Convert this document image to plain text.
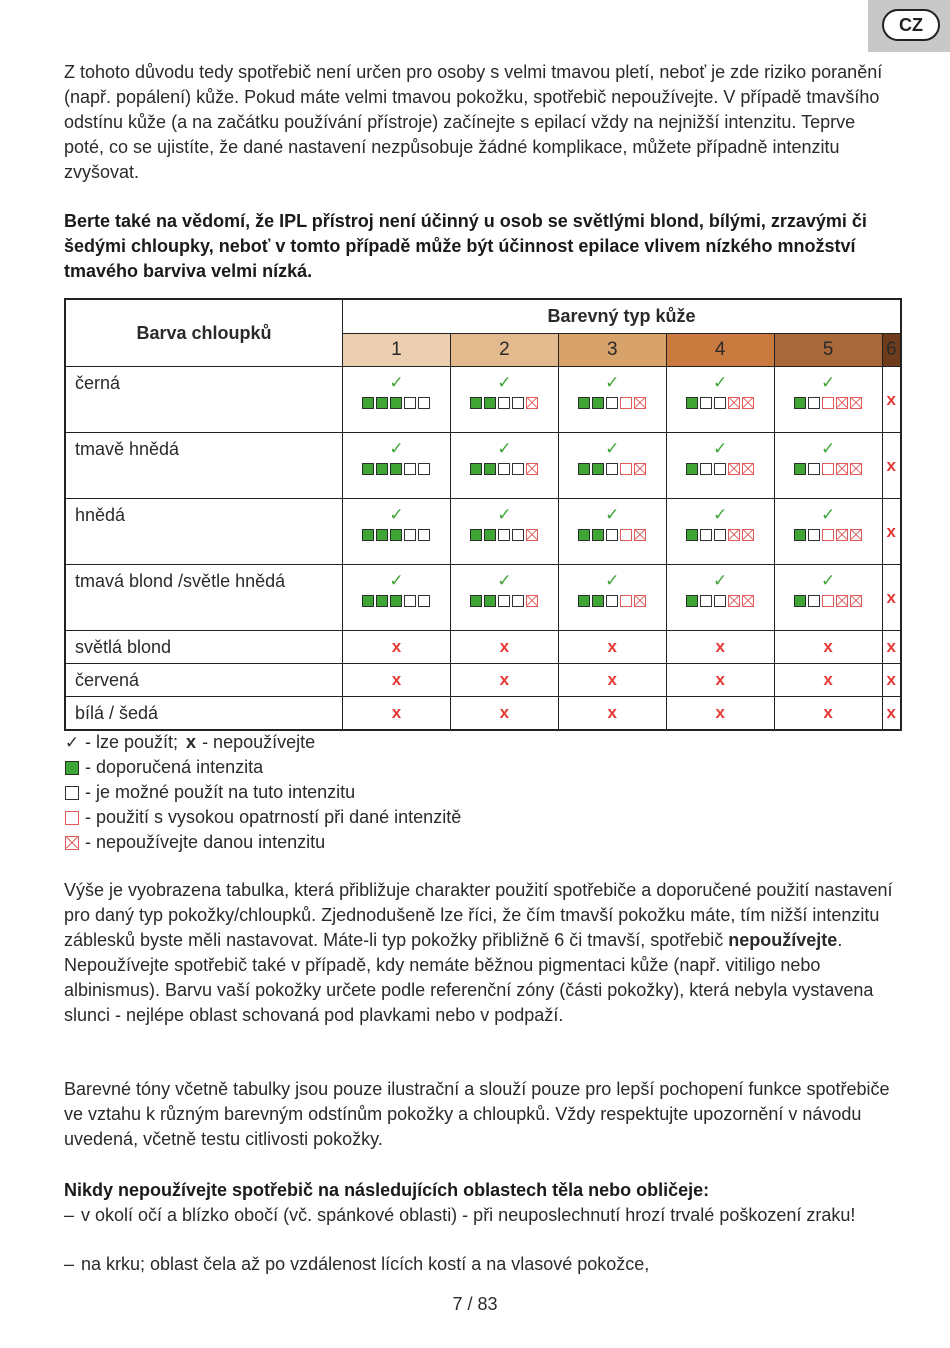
CZ

Z tohoto důvodu tedy spotřebič není určen pro osoby s velmi tmavou pletí, neboť je zde riziko poranění (např. popálení) kůže. Pokud máte velmi tmavou pokožku, spotřebič nepoužívejte. V případě tmavšího odstínu kůže (a na začátku používání přístroje) začínejte s epilací vždy na nejnižší intenzitu. Teprve poté, co se ujistíte, že dané nastavení nezpůsobuje žádné komplikace, můžete případně intenzitu zvyšovat.

Berte také na vědomí, že IPL přístroj není účinný u osob se světlými blond, bílými, zrzavými či šedými chloupky, neboť v tomto případě může být účinnost epilace vlivem nízkého množství tmavého barviva velmi nízká.

Barva chloupků	Barevný typ kůže					
	1	2	3	4	5	6
černá	✓	✓	✓	✓	✓	x
tmavě hnědá	✓	✓	✓	✓	✓	x
hnědá	✓	✓	✓	✓	✓	x
tmavá blond /světle hnědá	✓	✓	✓	✓	✓	x
světlá blond	x	x	x	x	x	x
červená	x	x	x	x	x	x
bílá / šedá	x	x	x	x	x	x
✓ - lze použít; x - nepoužívejte
- doporučená intenzita
- je možné použít na tuto intenzitu
- použití s vysokou opatrností při dané intenzitě
- nepoužívejte danou intenzitu

Výše je vyobrazena tabulka, která přibližuje charakter použití spotřebiče a doporučené použití nastavení pro daný typ pokožky/chloupků. Zjednodušeně lze říci, že čím tmavší pokožku máte, tím nižší intenzitu záblesků byste měli nastavovat. Máte-li typ pokožky přibližně 6 či tmavší, spotřebič nepoužívejte. Nepoužívejte spotřebič také v případě, kdy nemáte běžnou pigmentaci kůže (např. vitiligo nebo albinismus). Barvu vaší pokožky určete podle referenční zóny (části pokožky), která nebyla vystavena slunci - nejlépe oblast schovaná pod plavkami nebo v podpaží.

Barevné tóny včetně tabulky jsou pouze ilustrační a slouží pouze pro lepší pochopení funkce spotřebiče ve vztahu k různým barevným odstínům pokožky a chloupků. Vždy respektujte upozornění v návodu uvedená, včetně testu citlivosti pokožky.

Nikdy nepoužívejte spotřebič na následujících oblastech těla nebo obličeje:

– v okolí očí a blízko obočí (vč. spánkové oblasti) - při neuposlechnutí hrozí trvalé poškození zraku!
– na krku; oblast čela až po vzdálenost lících kostí a na vlasové pokožce,
7 / 83
